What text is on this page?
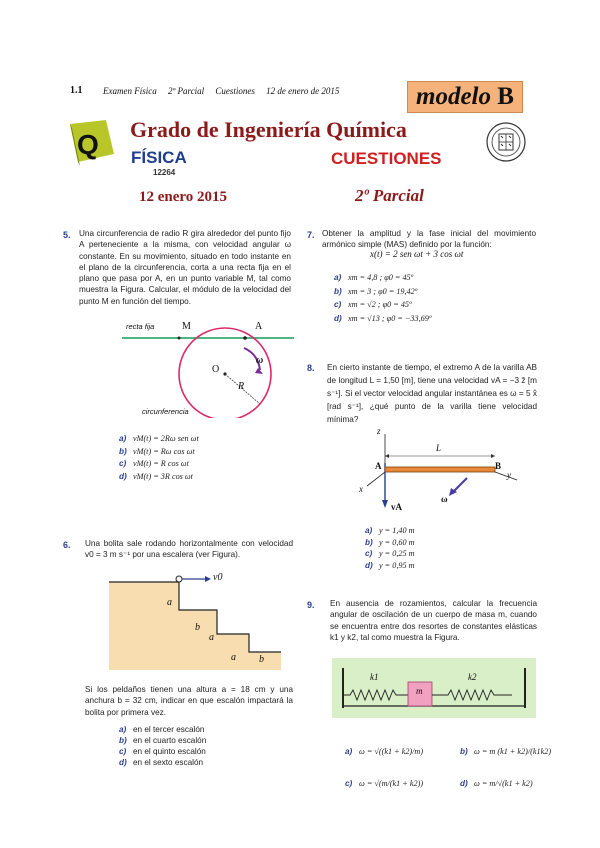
1.1 Examen Física     2º Parcial     Cuestiones     12 de enero de 2015	modelo B
Q Grado de Ingeniería Química
FÍSICA
12264
CUESTIONES
12 enero 2015	2º Parcial
5. Una circunferencia de radio R gira alrededor del punto fijo A perteneciente a la misma, con velocidad angular ω constante. En su movimiento, situado en todo instante en el plano de la circunferencia, corta a una recta fija en el plano que pasa por A, en un punto variable M, tal como muestra la Figura. Calcular, el módulo de la velocidad del punto M en función del tiempo.
recta fija	M	A
O
R
ω
circunferencia
a) vM(t) = 2Rω sen ωt
b) vM(t) = Rω cos ωt
c) vM(t) = R cos ωt
d) vM(t) = 3R cos ωt
6. Una bolita sale rodando horizontalmente con velocidad v0 = 3 m s⁻¹ por una escalera (ver Figura).
v0
a
b
a
a b
Si los peldaños tienen una altura a = 18 cm y una anchura b = 32 cm, indicar en que escalón impactará la bolita por primera vez.
a) en el tercer escalón
b) en el cuarto escalón
c) en el quinto escalón
d) en el sexto escalón
7. Obtener la amplitud y la fase inicial del movimiento armónico simple (MAS) definido por la función:
x(t) = 2 sen ωt + 3 cos ωt
a) xm = 4,8 ; φ0 = 45º
b) xm = 3 ; φ0 = 19,42º
c) xm = √2 ; φ0 = 45º
d) xm = √13 ; φ0 = −33,69º
8. En cierto instante de tiempo, el extremo A de la varilla AB de longitud L = 1,50 [m], tiene una velocidad vA = −3 ẑ [m s⁻¹]. Si el vector velocidad angular instantánea es ω = 5 x̂ [rad s⁻¹], ¿qué punto de la varilla tiene velocidad mínima?
z
L
A	B
y
x
vA
ω
a) y = 1,40 m
b) y = 0,60 m
c) y = 0,25 m
d) y = 0,95 m
9. En ausencia de rozamientos, calcular la frecuencia angular de oscilación de un cuerpo de masa m, cuando se encuentra entre dos resortes de constantes elásticas k1 y k2, tal como muestra la Figura.
k1
m
k2
a) ω = √((k1 + k2)/m)	b) ω = m (k1 + k2)/(k1k2)
c) ω = √(m/(k1 + k2))	d) ω = m/√(k1 + k2)
